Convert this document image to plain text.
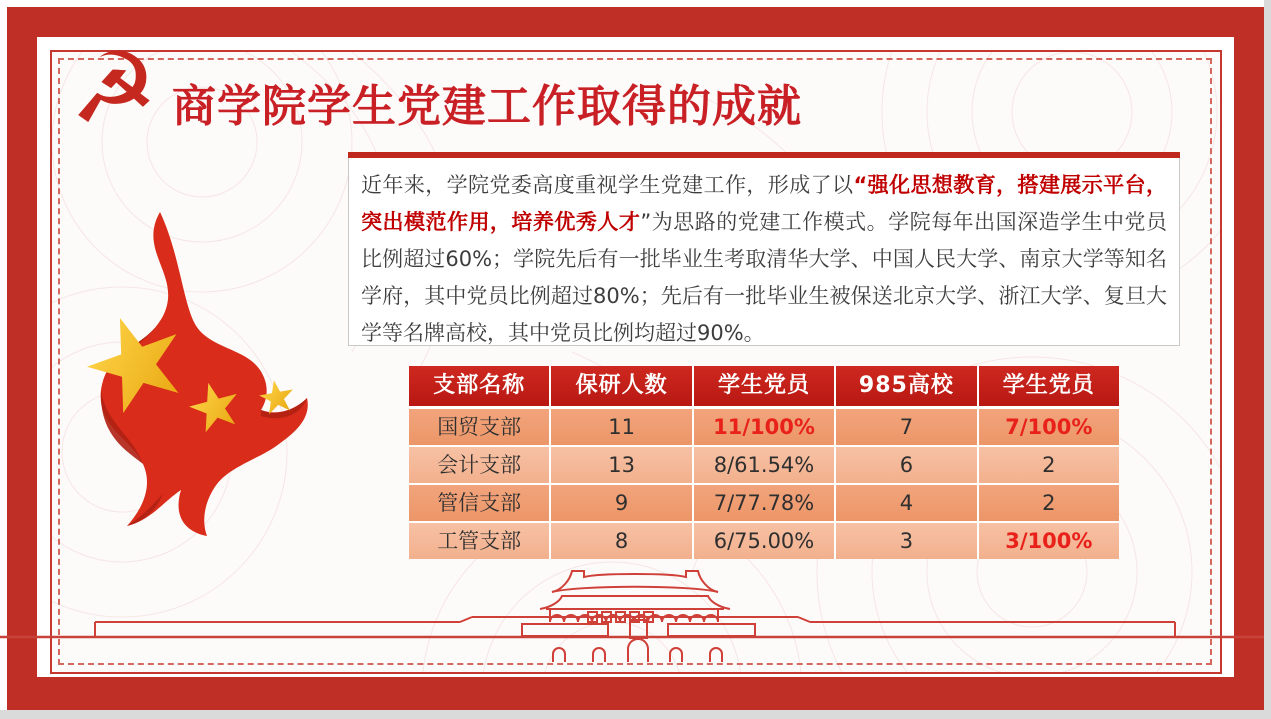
☭ 商学院学生党建工作取得的成就
近年来，学院党委高度重视学生党建工作，形成了以“强化思想教育，搭建展示平台，突出模范作用，培养优秀人才”为思路的党建工作模式。学院每年出国深造学生中党员比例超过60%；学院先后有一批毕业生考取清华大学、中国人民大学、南京大学等知名学府，其中党员比例超过80%；先后有一批毕业生被保送北京大学、浙江大学、复旦大学等名牌高校，其中党员比例均超过90%。
支部名称	保研人数	学生党员	985高校	学生党员
国贸支部	11	11/100%	7	7/100%
会计支部	13	8/61.54%	6	2
管信支部	9	7/77.78%	4	2
工管支部	8	6/75.00%	3	3/100%
